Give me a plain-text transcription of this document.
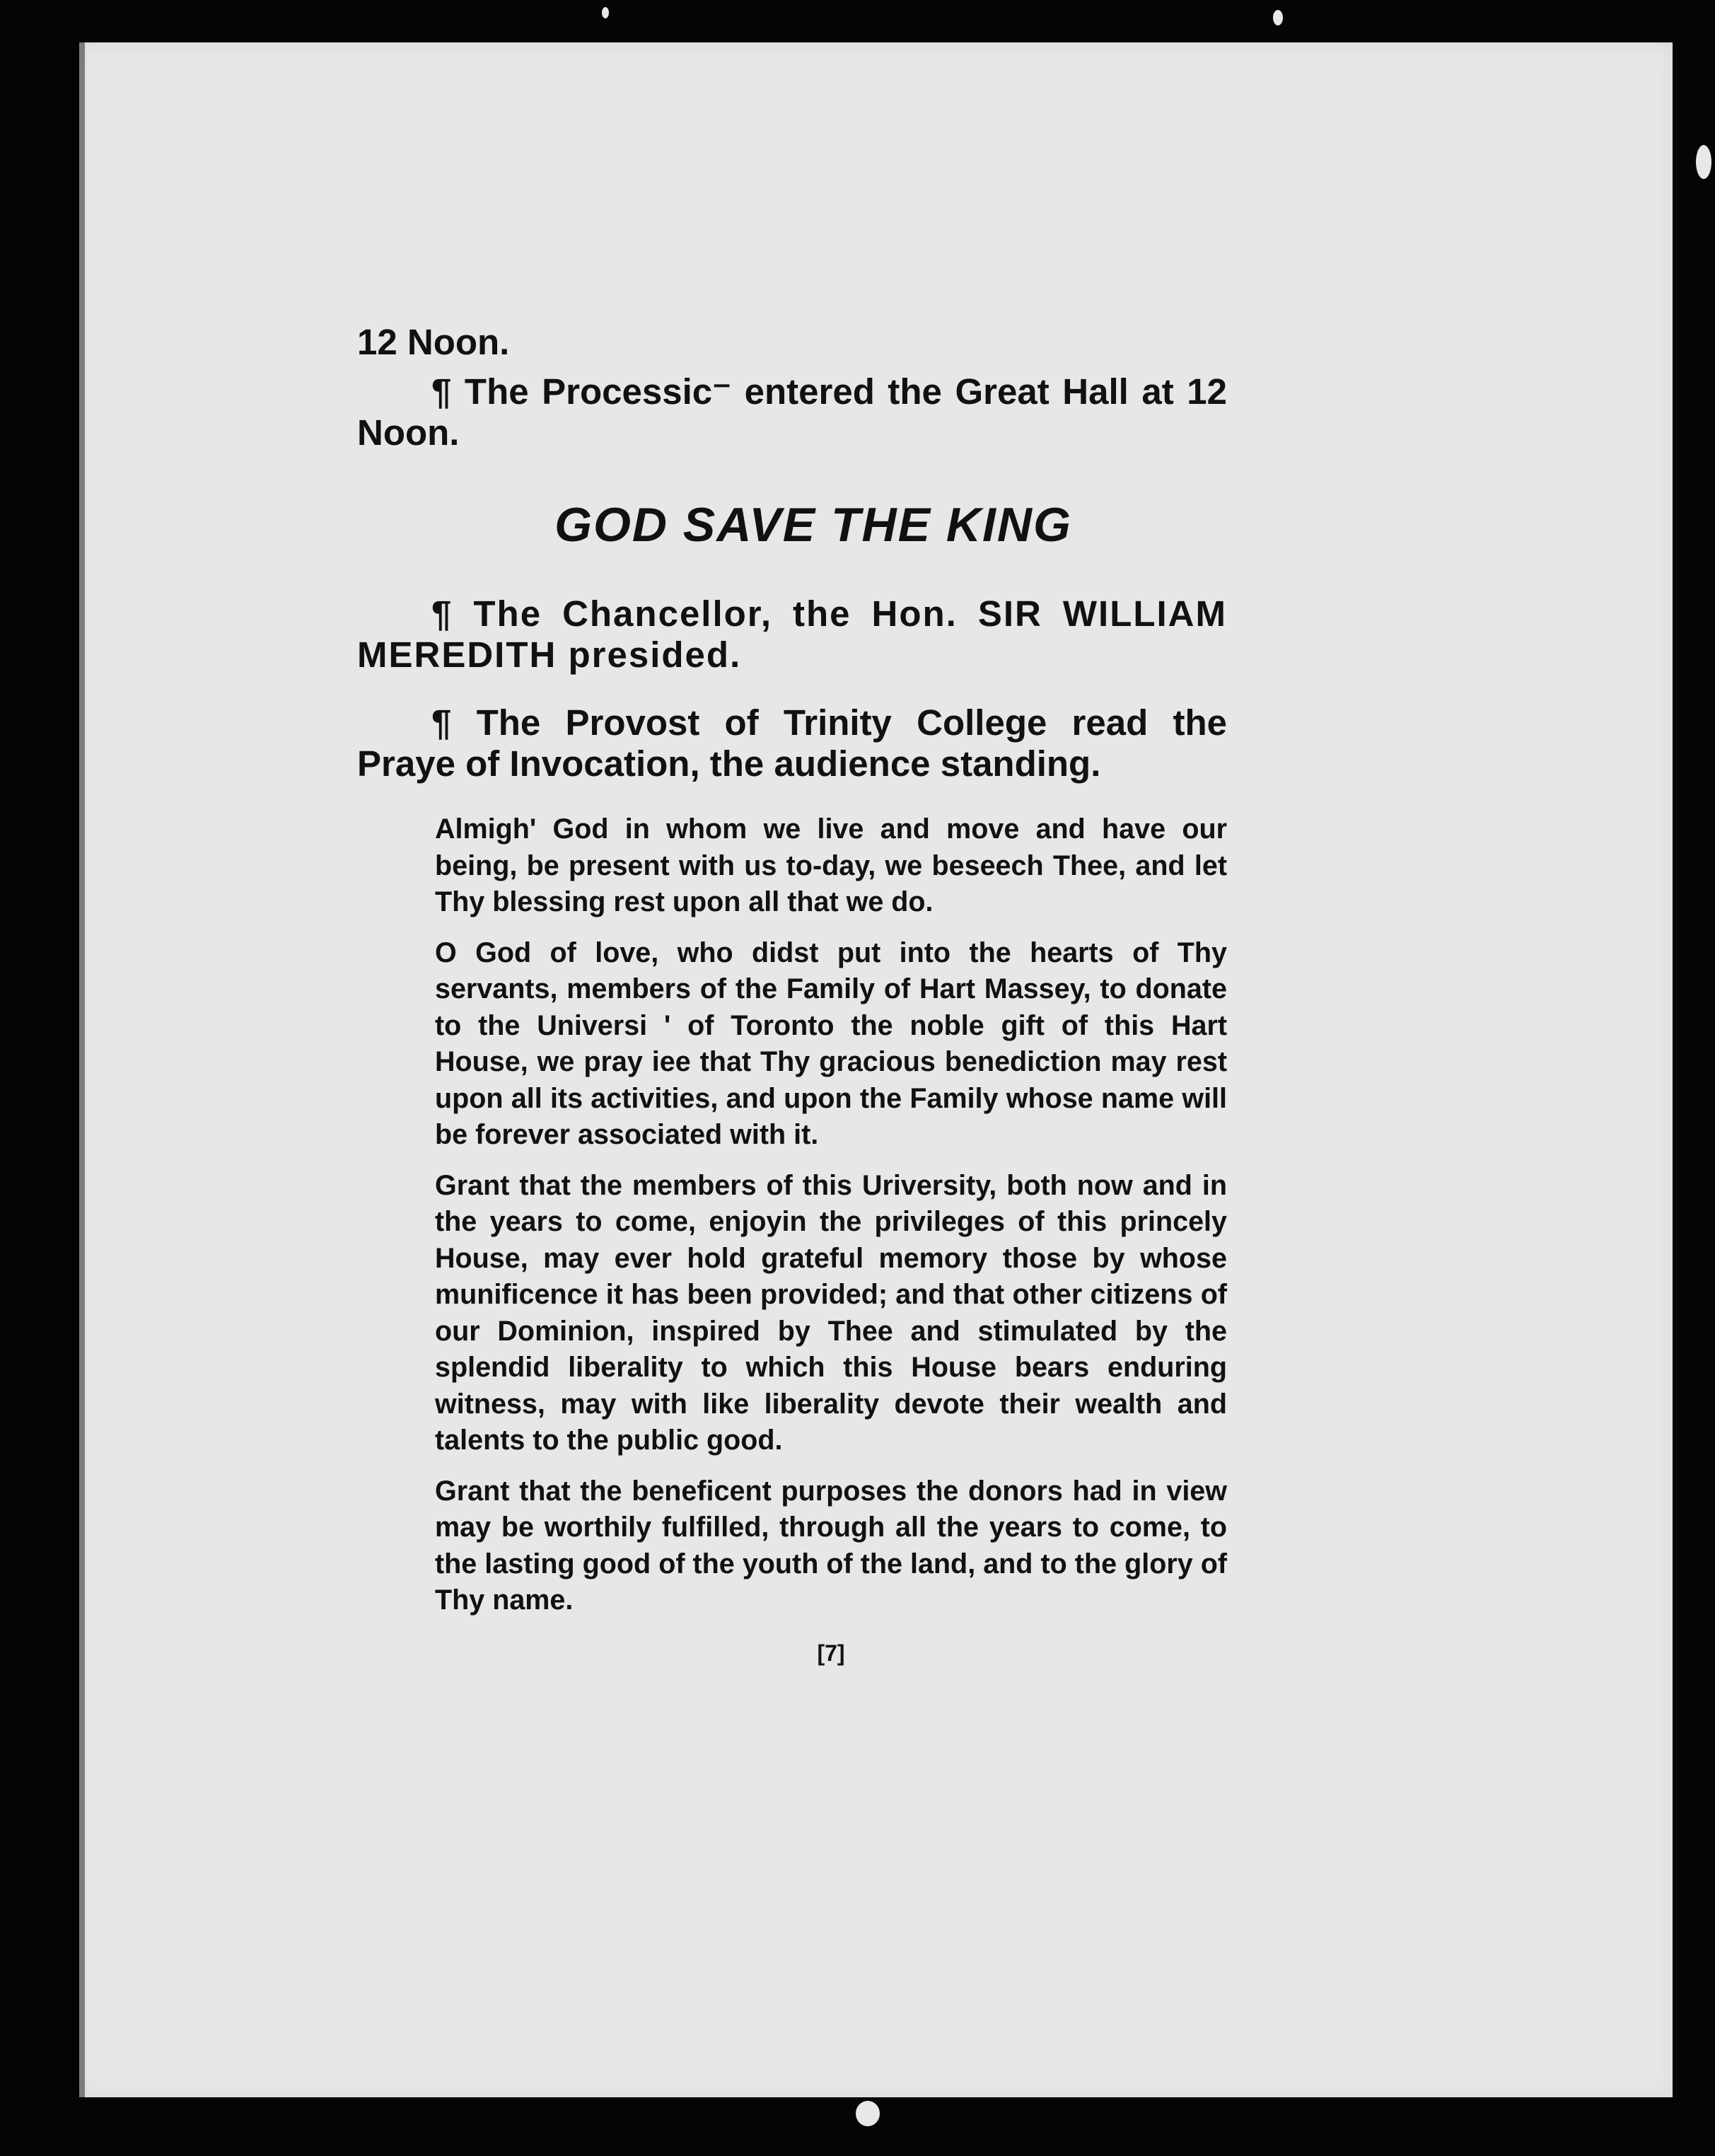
12 Noon.

¶ The Processic⁻ entered the Great Hall at 12 Noon.

GOD SAVE THE KING

¶ The Chancellor, the Hon. SIR WILLIAM MEREDITH presided.

¶ The Provost of Trinity College read the Praye of Invocation, the audience standing.

Almigh' God in whom we live and move and have our being, be present with us to-day, we beseech Thee, and let Thy blessing rest upon all that we do.

O God of love, who didst put into the hearts of Thy servants, members of the Family of Hart Massey, to donate to the Universi ' of Toronto the noble gift of this Hart House, we pray iee that Thy gracious benediction may rest upon all its activities, and upon the Family whose name will be forever associated with it.

Grant that the members of this Uriversity, both now and in the years to come, enjoyin the privileges of this princely House, may ever hold grateful memory those by whose munificence it has been provided; and that other citizens of our Dominion, inspired by Thee and stimulated by the splendid liberality to which this House bears enduring witness, may with like liberality devote their wealth and talents to the public good.

Grant that the beneficent purposes the donors had in view may be worthily fulfilled, through all the years to come, to the lasting good of the youth of the land, and to the glory of Thy name.

[7]
